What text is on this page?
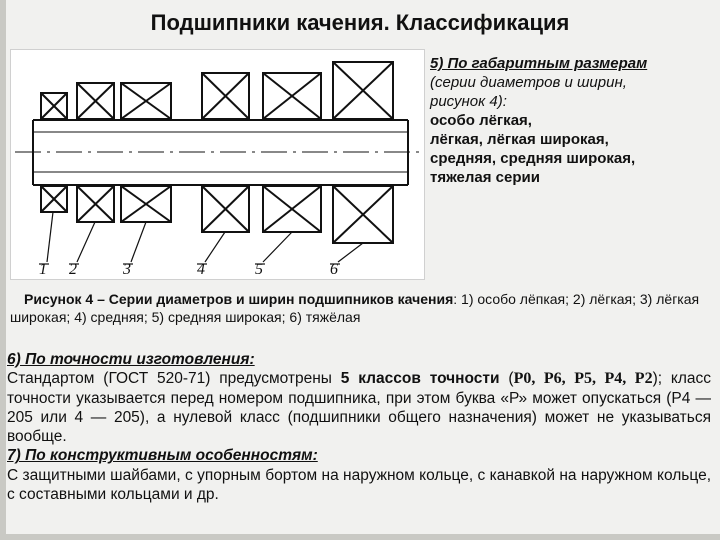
Подшипники качения. Классификация
1 2	3	4	5	6
5) По габаритным размерам
(серии диаметров и ширин,
рисунок 4):
особо лёгкая,
лёгкая, лёгкая широкая,
средняя, средняя широкая,
тяжелая серии
Рисунок 4 – Серии диаметров и ширин подшипников качения: 1) особо лёпкая; 2) лёгкая; 3) лёгкая широкая; 4) средняя; 5) средняя широкая; 6) тяжёлая
6) По точности изготовления:
Стандартом (ГОСТ 520-71) предусмотрены 5 классов точности (Р0, Р6, Р5, Р4, Р2); класс точности указывается перед номером подшипника, при этом буква «Р» может опускаться (Р4 — 205 или 4 — 205), а нулевой класс (подшипники общего назначения) может не указываться вообще.
7) По конструктивным особенностям:
С защитными шайбами, с упорным бортом на наружном кольце, с канавкой на наружном кольце, с составными кольцами и др.
